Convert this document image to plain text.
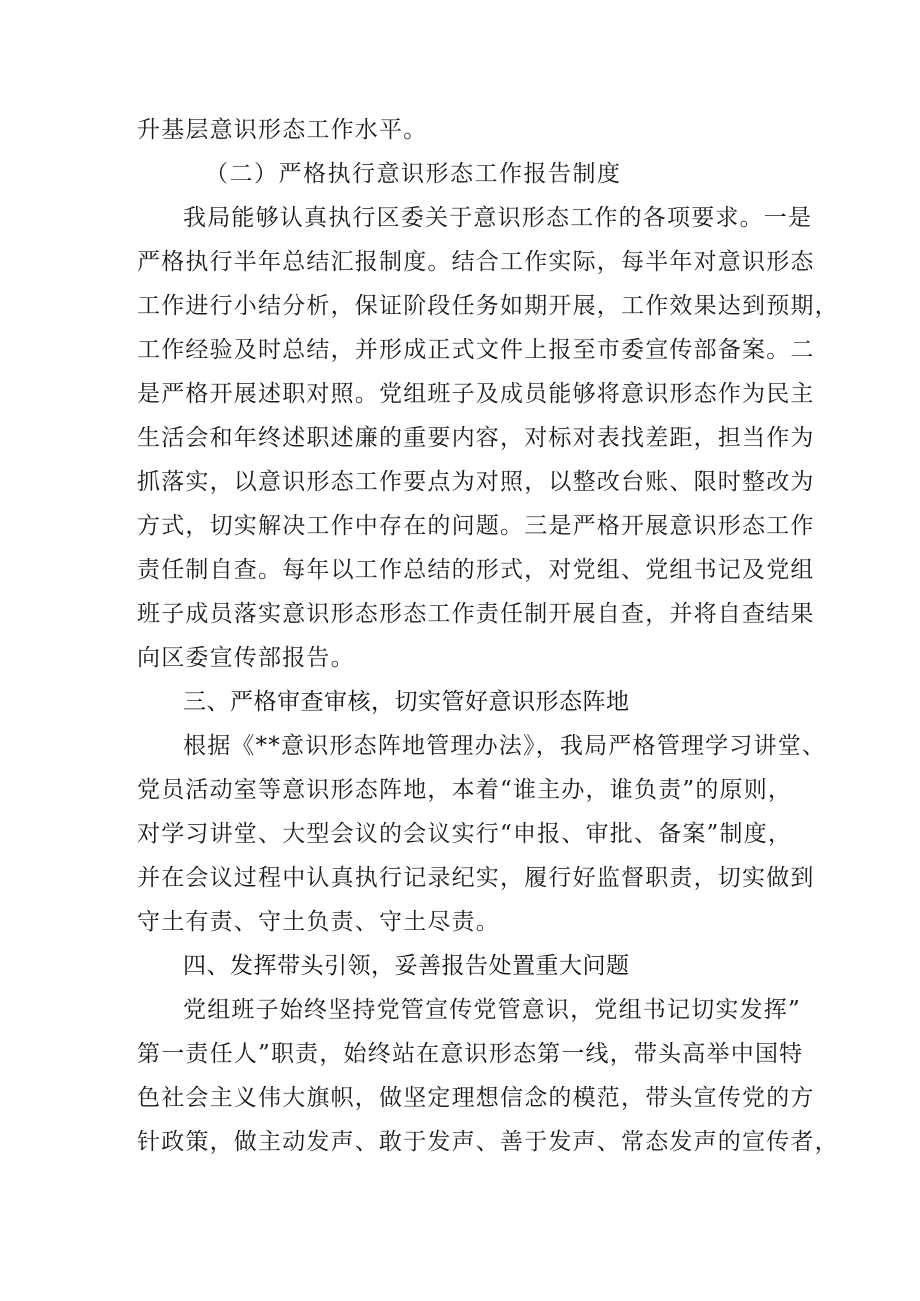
升基层意识形态工作水平。
（二）严格执行意识形态工作报告制度
我局能够认真执行区委关于意识形态工作的各项要求。一是
严格执行半年总结汇报制度。结合工作实际，每半年对意识形态
工作进行小结分析，保证阶段任务如期开展，工作效果达到预期，
工作经验及时总结，并形成正式文件上报至市委宣传部备案。二
是严格开展述职对照。党组班子及成员能够将意识形态作为民主
生活会和年终述职述廉的重要内容，对标对表找差距，担当作为
抓落实，以意识形态工作要点为对照，以整改台账、限时整改为
方式，切实解决工作中存在的问题。三是严格开展意识形态工作
责任制自查。每年以工作总结的形式，对党组、党组书记及党组
班子成员落实意识形态形态工作责任制开展自查，并将自查结果
向区委宣传部报告。
三、严格审查审核，切实管好意识形态阵地
根据《**意识形态阵地管理办法》，我局严格管理学习讲堂、
党员活动室等意识形态阵地，本着“谁主办，谁负责”的原则，
对学习讲堂、大型会议的会议实行“申报、审批、备案”制度，
并在会议过程中认真执行记录纪实，履行好监督职责，切实做到
守土有责、守土负责、守土尽责。
四、发挥带头引领，妥善报告处置重大问题
党组班子始终坚持党管宣传党管意识，党组书记切实发挥”
第一责任人”职责，始终站在意识形态第一线，带头高举中国特
色社会主义伟大旗帜，做坚定理想信念的模范，带头宣传党的方
针政策，做主动发声、敢于发声、善于发声、常态发声的宣传者，
